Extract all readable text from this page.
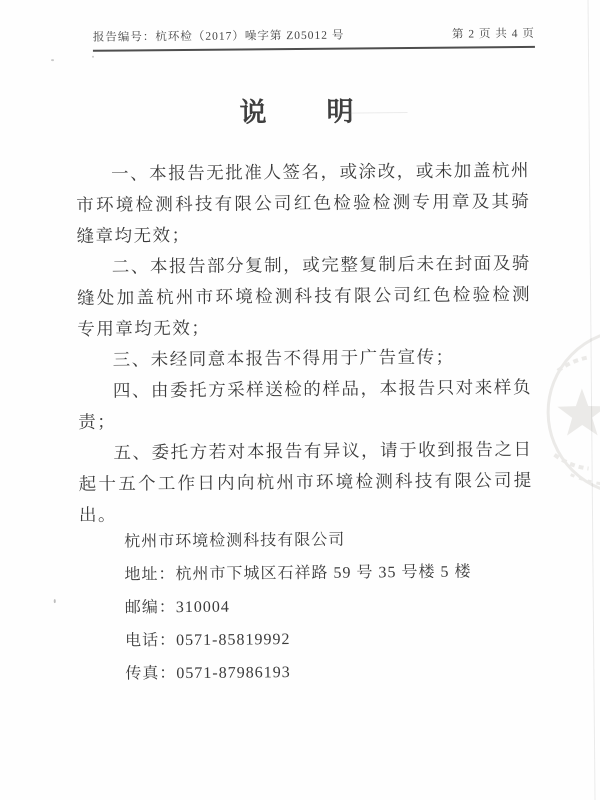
报告编号：杭环检（2017）噪字第 Z05012 号	第 2 页 共 4 页
说　　明

一、本报告无批准人签名，或涂改，或未加盖杭州市环境检测科技有限公司红色检验检测专用章及其骑缝章均无效；

二、本报告部分复制，或完整复制后未在封面及骑缝处加盖杭州市环境检测科技有限公司红色检验检测专用章均无效；

三、未经同意本报告不得用于广告宣传；

四、由委托方采样送检的样品，本报告只对来样负责；

五、委托方若对本报告有异议，请于收到报告之日起十五个工作日内向杭州市环境检测科技有限公司提出。

杭州市环境检测科技有限公司

地址：杭州市下城区石祥路 59 号 35 号楼 5 楼

邮编：310004

电话：0571-85819992

传真：0571-87986193
